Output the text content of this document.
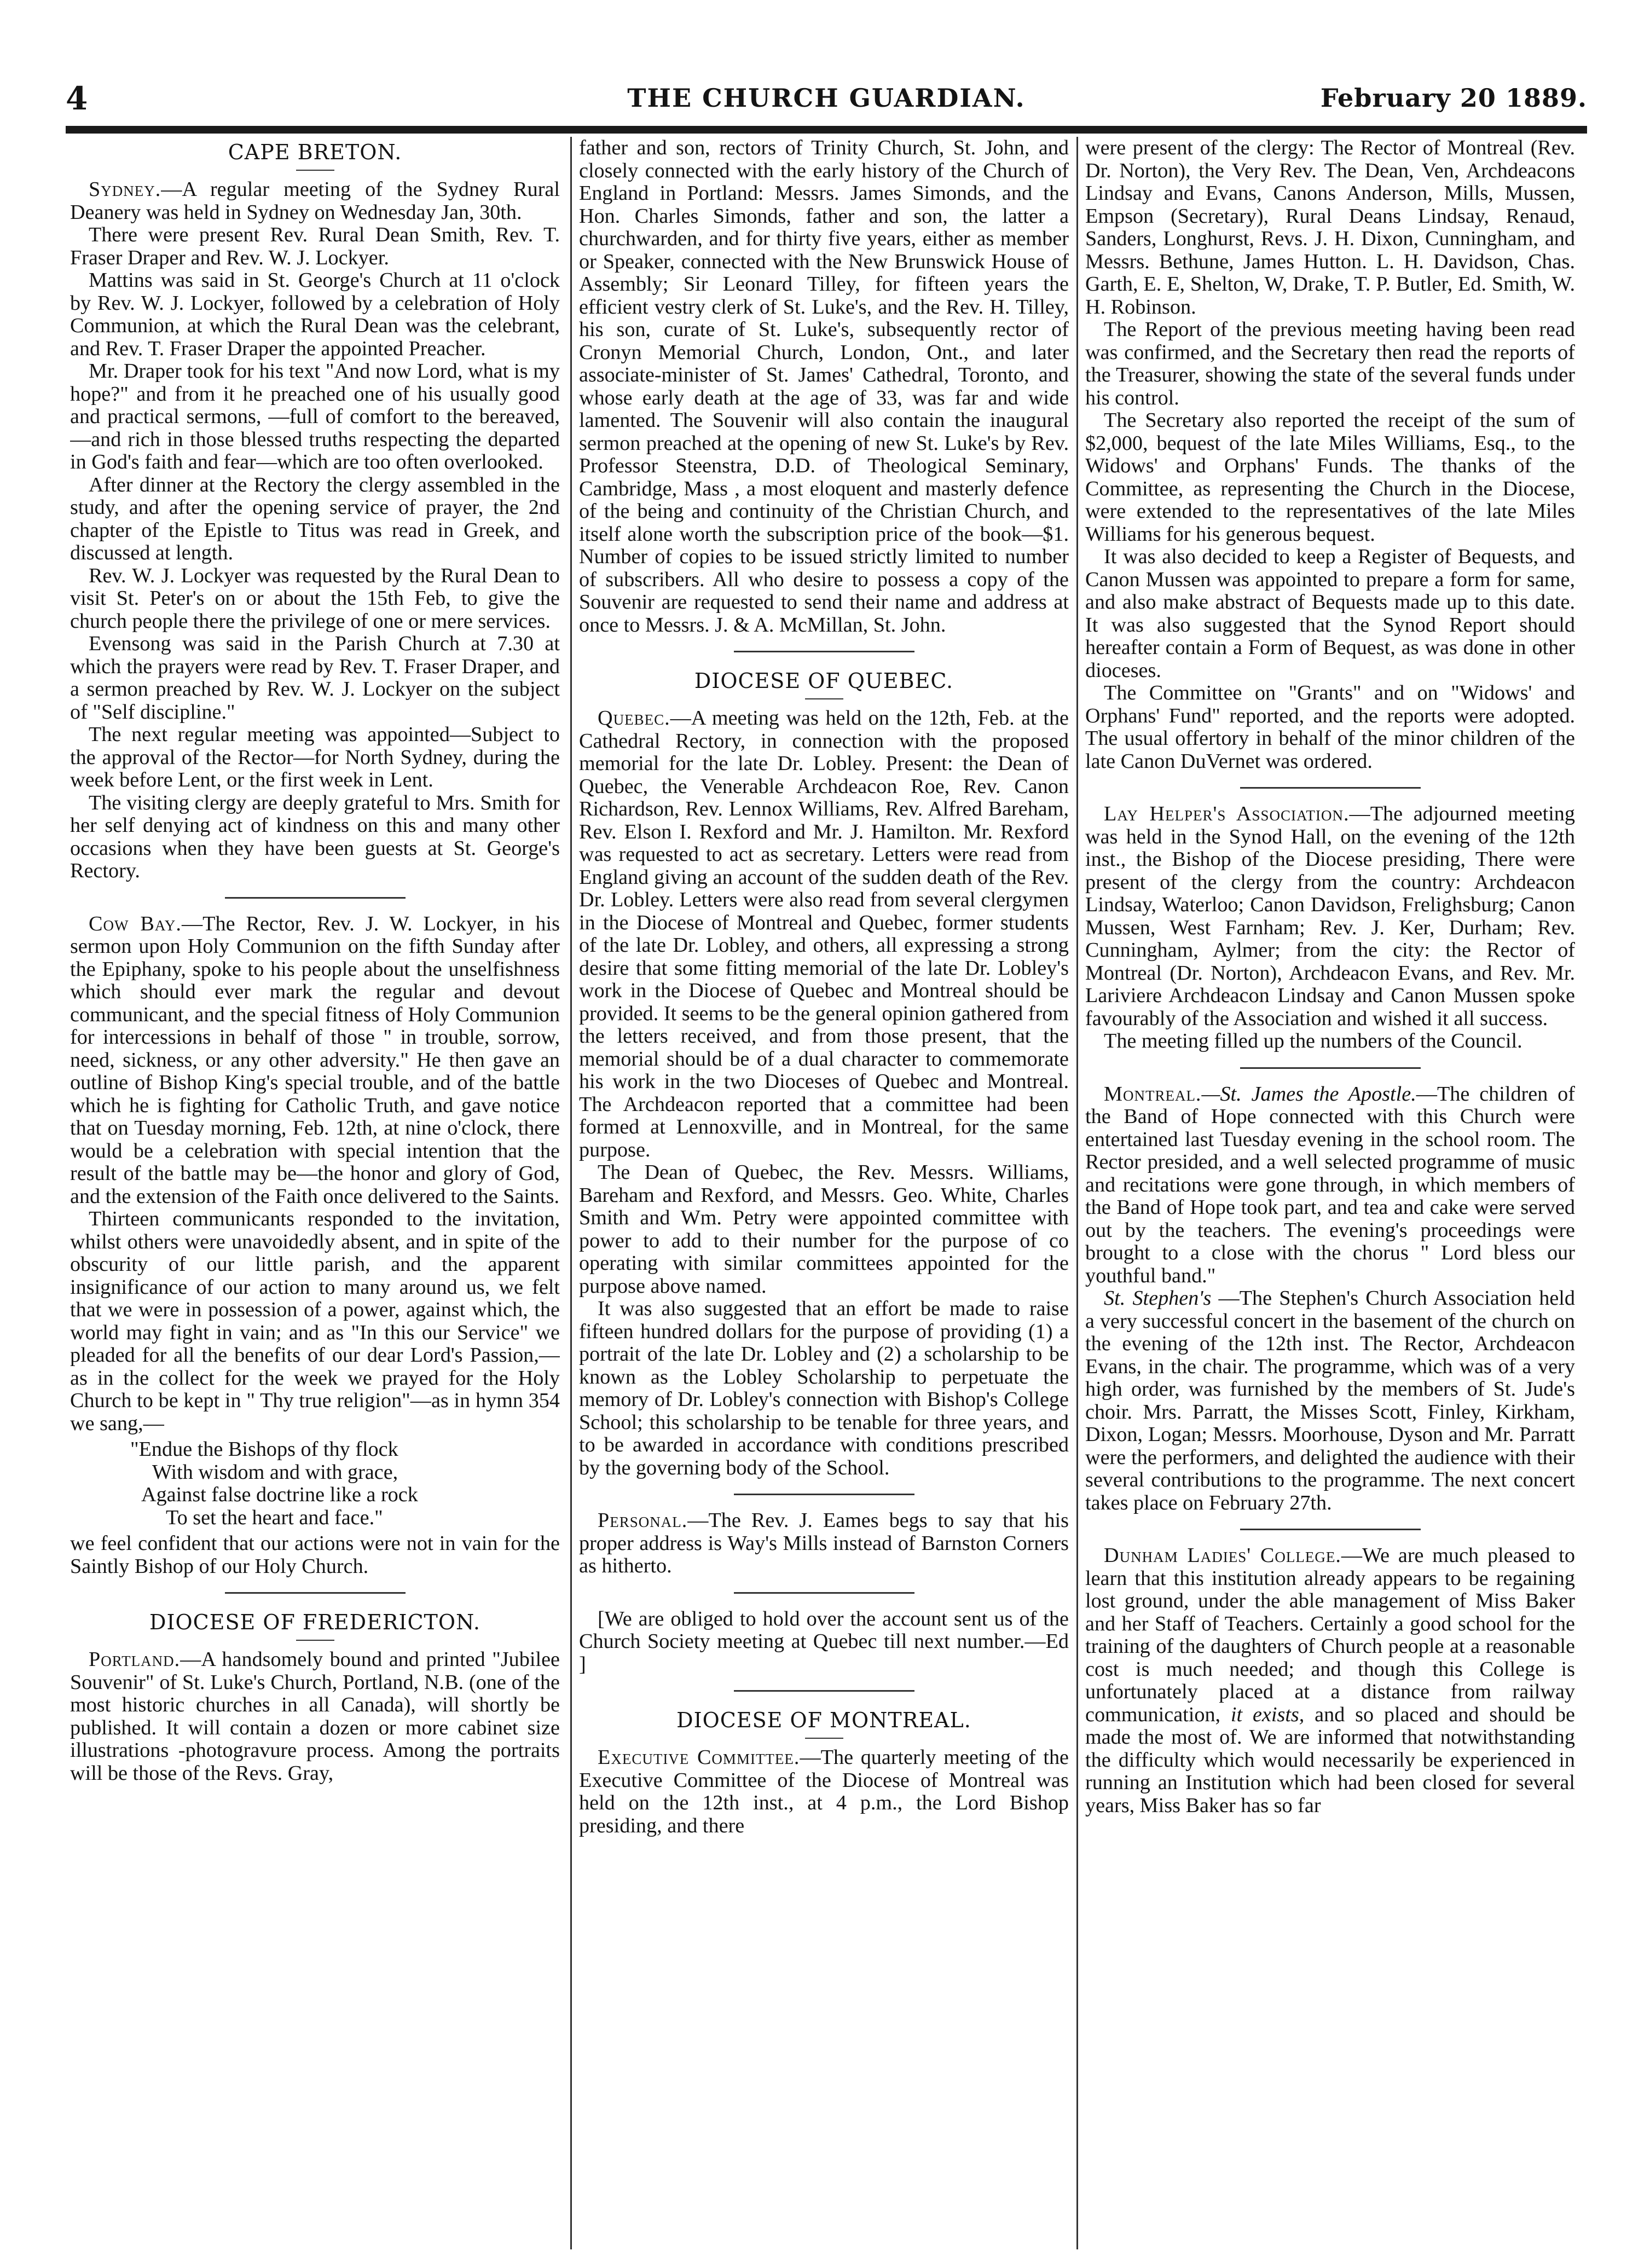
4	THE CHURCH GUARDIAN.	February 20 1889.
CAPE BRETON.

Sydney.—A regular meeting of the Sydney Rural Deanery was held in Sydney on Wednesday Jan, 30th.

There were present Rev. Rural Dean Smith, Rev. T. Fraser Draper and Rev. W. J. Lockyer.

Mattins was said in St. George's Church at 11 o'clock by Rev. W. J. Lockyer, followed by a celebration of Holy Communion, at which the Rural Dean was the celebrant, and Rev. T. Fraser Draper the appointed Preacher.

Mr. Draper took for his text "And now Lord, what is my hope?" and from it he preached one of his usually good and practical sermons, —full of comfort to the bereaved,—and rich in those blessed truths respecting the departed in God's faith and fear—which are too often overlooked.

After dinner at the Rectory the clergy assembled in the study, and after the opening service of prayer, the 2nd chapter of the Epistle to Titus was read in Greek, and discussed at length.

Rev. W. J. Lockyer was requested by the Rural Dean to visit St. Peter's on or about the 15th Feb, to give the church people there the privilege of one or mere services.

Evensong was said in the Parish Church at 7.30 at which the prayers were read by Rev. T. Fraser Draper, and a sermon preached by Rev. W. J. Lockyer on the subject of "Self discipline."

The next regular meeting was appointed—Subject to the approval of the Rector—for North Sydney, during the week before Lent, or the first week in Lent.

The visiting clergy are deeply grateful to Mrs. Smith for her self denying act of kindness on this and many other occasions when they have been guests at St. George's Rectory.

Cow Bay.—The Rector, Rev. J. W. Lockyer, in his sermon upon Holy Communion on the fifth Sunday after the Epiphany, spoke to his people about the unselfishness which should ever mark the regular and devout communicant, and the special fitness of Holy Communion for intercessions in behalf of those " in trouble, sorrow, need, sickness, or any other adversity." He then gave an outline of Bishop King's special trouble, and of the battle which he is fighting for Catholic Truth, and gave notice that on Tuesday morning, Feb. 12th, at nine o'clock, there would be a celebration with special intention that the result of the battle may be—the honor and glory of God, and the extension of the Faith once delivered to the Saints.

Thirteen communicants responded to the invitation, whilst others were unavoidedly absent, and in spite of the obscurity of our little parish, and the apparent insignificance of our action to many around us, we felt that we were in possession of a power, against which, the world may fight in vain; and as "In this our Service" we pleaded for all the benefits of our dear Lord's Passion,—as in the collect for the week we prayed for the Holy Church to be kept in " Thy true religion"—as in hymn 354 we sang,—

"Endue the Bishops of thy flock
With wisdom and with grace,
Against false doctrine like a rock
To set the heart and face."

we feel confident that our actions were not in vain for the Saintly Bishop of our Holy Church.

DIOCESE OF FREDERICTON.

Portland.—A handsomely bound and printed "Jubilee Souvenir" of St. Luke's Church, Portland, N.B. (one of the most historic churches in all Canada), will shortly be published. It will contain a dozen or more cabinet size illustrations -photogravure process. Among the portraits will be those of the Revs. Gray,

father and son, rectors of Trinity Church, St. John, and closely connected with the early history of the Church of England in Portland: Messrs. James Simonds, and the Hon. Charles Simonds, father and son, the latter a churchwarden, and for thirty five years, either as member or Speaker, connected with the New Brunswick House of Assembly; Sir Leonard Tilley, for fifteen years the efficient vestry clerk of St. Luke's, and the Rev. H. Tilley, his son, curate of St. Luke's, subsequently rector of Cronyn Memorial Church, London, Ont., and later associate-minister of St. James' Cathedral, Toronto, and whose early death at the age of 33, was far and wide lamented. The Souvenir will also contain the inaugural sermon preached at the opening of new St. Luke's by Rev. Professor Steenstra, D.D. of Theological Seminary, Cambridge, Mass , a most eloquent and masterly defence of the being and continuity of the Christian Church, and itself alone worth the subscription price of the book—$1. Number of copies to be issued strictly limited to number of subscribers. All who desire to possess a copy of the Souvenir are requested to send their name and address at once to Messrs. J. & A. McMillan, St. John.

DIOCESE OF QUEBEC.

Quebec.—A meeting was held on the 12th, Feb. at the Cathedral Rectory, in connection with the proposed memorial for the late Dr. Lobley. Present: the Dean of Quebec, the Venerable Archdeacon Roe, Rev. Canon Richardson, Rev. Lennox Williams, Rev. Alfred Bareham, Rev. Elson I. Rexford and Mr. J. Hamilton. Mr. Rexford was requested to act as secretary. Letters were read from England giving an account of the sudden death of the Rev. Dr. Lobley. Letters were also read from several clergymen in the Diocese of Montreal and Quebec, former students of the late Dr. Lobley, and others, all expressing a strong desire that some fitting memorial of the late Dr. Lobley's work in the Diocese of Quebec and Montreal should be provided. It seems to be the general opinion gathered from the letters received, and from those present, that the memorial should be of a dual character to commemorate his work in the two Dioceses of Quebec and Montreal. The Archdeacon reported that a committee had been formed at Lennoxville, and in Montreal, for the same purpose.

The Dean of Quebec, the Rev. Messrs. Williams, Bareham and Rexford, and Messrs. Geo. White, Charles Smith and Wm. Petry were appointed committee with power to add to their number for the purpose of co operating with similar committees appointed for the purpose above named.

It was also suggested that an effort be made to raise fifteen hundred dollars for the purpose of providing (1) a portrait of the late Dr. Lobley and (2) a scholarship to be known as the Lobley Scholarship to perpetuate the memory of Dr. Lobley's connection with Bishop's College School; this scholarship to be tenable for three years, and to be awarded in accordance with conditions prescribed by the governing body of the School.

Personal.—The Rev. J. Eames begs to say that his proper address is Way's Mills instead of Barnston Corners as hitherto.

[We are obliged to hold over the account sent us of the Church Society meeting at Quebec till next number.—Ed ]

DIOCESE OF MONTREAL.

Executive Committee.—The quarterly meeting of the Executive Committee of the Diocese of Montreal was held on the 12th inst., at 4 p.m., the Lord Bishop presiding, and there

were present of the clergy: The Rector of Montreal (Rev. Dr. Norton), the Very Rev. The Dean, Ven, Archdeacons Lindsay and Evans, Canons Anderson, Mills, Mussen, Empson (Secretary), Rural Deans Lindsay, Renaud, Sanders, Longhurst, Revs. J. H. Dixon, Cunningham, and Messrs. Bethune, James Hutton. L. H. Davidson, Chas. Garth, E. E, Shelton, W, Drake, T. P. Butler, Ed. Smith, W. H. Robinson.

The Report of the previous meeting having been read was confirmed, and the Secretary then read the reports of the Treasurer, showing the state of the several funds under his control.

The Secretary also reported the receipt of the sum of $2,000, bequest of the late Miles Williams, Esq., to the Widows' and Orphans' Funds. The thanks of the Committee, as representing the Church in the Diocese, were extended to the representatives of the late Miles Williams for his generous bequest.

It was also decided to keep a Register of Bequests, and Canon Mussen was appointed to prepare a form for same, and also make abstract of Bequests made up to this date. It was also suggested that the Synod Report should hereafter contain a Form of Bequest, as was done in other dioceses.

The Committee on "Grants" and on "Widows' and Orphans' Fund" reported, and the reports were adopted. The usual offertory in behalf of the minor children of the late Canon DuVernet was ordered.

Lay Helper's Association.—The adjourned meeting was held in the Synod Hall, on the evening of the 12th inst., the Bishop of the Diocese presiding, There were present of the clergy from the country: Archdeacon Lindsay, Waterloo; Canon Davidson, Frelighsburg; Canon Mussen, West Farnham; Rev. J. Ker, Durham; Rev. Cunningham, Aylmer; from the city: the Rector of Montreal (Dr. Norton), Archdeacon Evans, and Rev. Mr. Lariviere Archdeacon Lindsay and Canon Mussen spoke favourably of the Association and wished it all success.

The meeting filled up the numbers of the Council.

Montreal.—St. James the Apostle.—The children of the Band of Hope connected with this Church were entertained last Tuesday evening in the school room. The Rector presided, and a well selected programme of music and recitations were gone through, in which members of the Band of Hope took part, and tea and cake were served out by the teachers. The evening's proceedings were brought to a close with the chorus " Lord bless our youthful band."

St. Stephen's —The Stephen's Church Association held a very successful concert in the basement of the church on the evening of the 12th inst. The Rector, Archdeacon Evans, in the chair. The programme, which was of a very high order, was furnished by the members of St. Jude's choir. Mrs. Parratt, the Misses Scott, Finley, Kirkham, Dixon, Logan; Messrs. Moorhouse, Dyson and Mr. Parratt were the performers, and delighted the audience with their several contributions to the programme. The next concert takes place on February 27th.

Dunham Ladies' College.—We are much pleased to learn that this institution already appears to be regaining lost ground, under the able management of Miss Baker and her Staff of Teachers. Certainly a good school for the training of the daughters of Church people at a reasonable cost is much needed; and though this College is unfortunately placed at a distance from railway communication, it exists, and so placed and should be made the most of. We are informed that notwithstanding the difficulty which would necessarily be experienced in running an Institution which had been closed for several years, Miss Baker has so far
